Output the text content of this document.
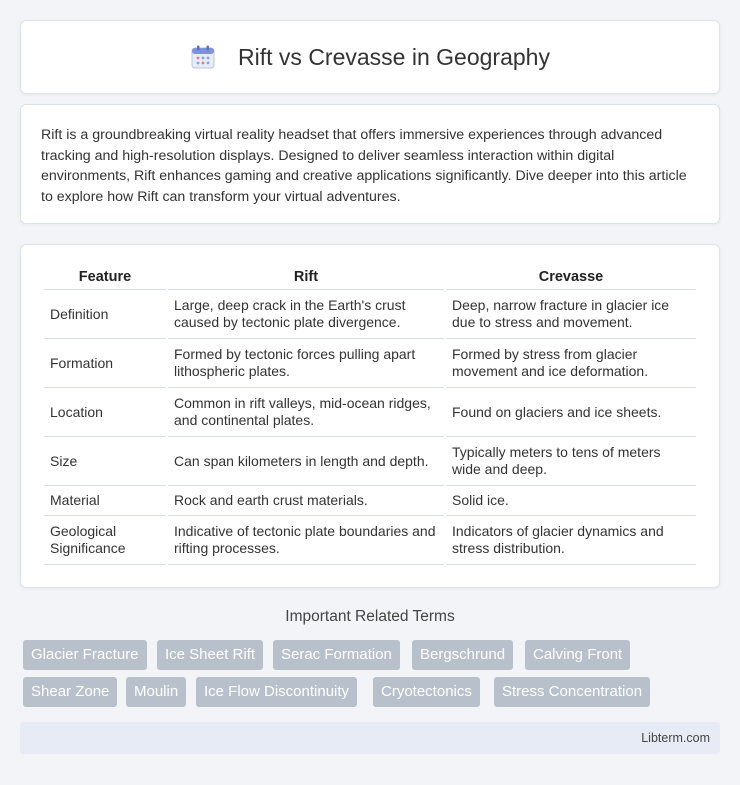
Rift vs Crevasse in Geography

Rift is a groundbreaking virtual reality headset that offers immersive experiences through advanced tracking and high-resolution displays. Designed to deliver seamless interaction within digital environments, Rift enhances gaming and creative applications significantly. Dive deeper into this article to explore how Rift can transform your virtual adventures.

Feature	Rift	Crevasse
Definition	Large, deep crack in the Earth's crust caused by tectonic plate divergence.	Deep, narrow fracture in glacier ice due to stress and movement.
Formation	Formed by tectonic forces pulling apart lithospheric plates.	Formed by stress from glacier movement and ice deformation.
Location	Common in rift valleys, mid-ocean ridges, and continental plates.	Found on glaciers and ice sheets.
Size	Can span kilometers in length and depth.	Typically meters to tens of meters wide and deep.
Material	Rock and earth crust materials.	Solid ice.
Geological Significance	Indicative of tectonic plate boundaries and rifting processes.	Indicators of glacier dynamics and stress distribution.
Important Related Terms
Glacier Fracture	Ice Sheet Rift	Serac Formation	Bergschrund	Calving Front
Shear Zone	Moulin	Ice Flow Discontinuity	Cryotectonics	Stress Concentration
Libterm.com
